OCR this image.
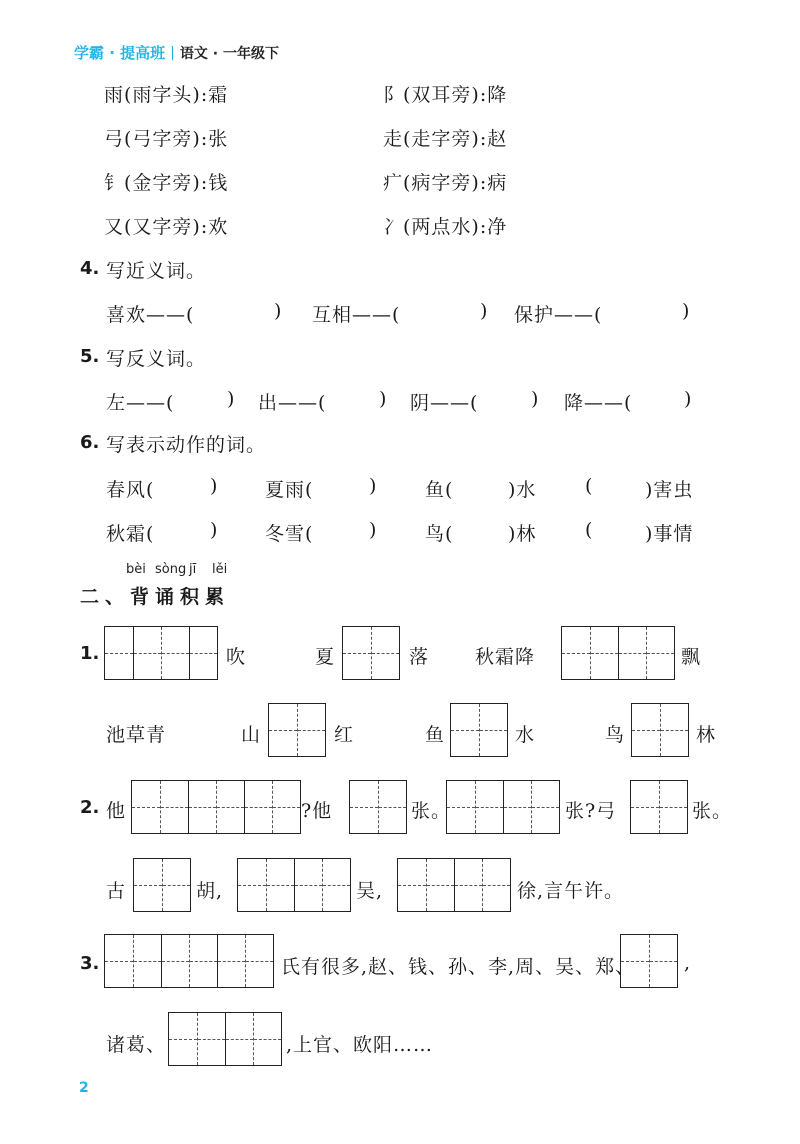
学霸 · 提高班 | 语文 · 一年级下
雨(雨字头):霜	阝(双耳旁):降
弓(弓字旁):张	走(走字旁):赵
钅(金字旁):钱	疒(病字旁):病
又(又字旁):欢	冫(两点水):净
4. 写近义词。
喜欢——(	) 互相——(	) 保护——(	)
5. 写反义词。
左——(	) 出——(	) 阴——(	) 降——(	)
6. 写表示动作的词。
春风(	) 夏雨(	)	鱼(	)水	(	)害虫
秋霜(	) 冬雪(	)	鸟(	)林	(	)事情
bèi sòng jī lěi
二、背诵积累
1.	吹	夏	落 秋霜降	飘
池草青	山	红	鱼	水	鸟	林
2. 他	?他	张。	张?弓	张。
古	胡,	吴,	徐,言午许。
3.	氏有很多,赵、钱、孙、李,周、吴、郑、	,
诸葛、	,上官、欧阳……
2
